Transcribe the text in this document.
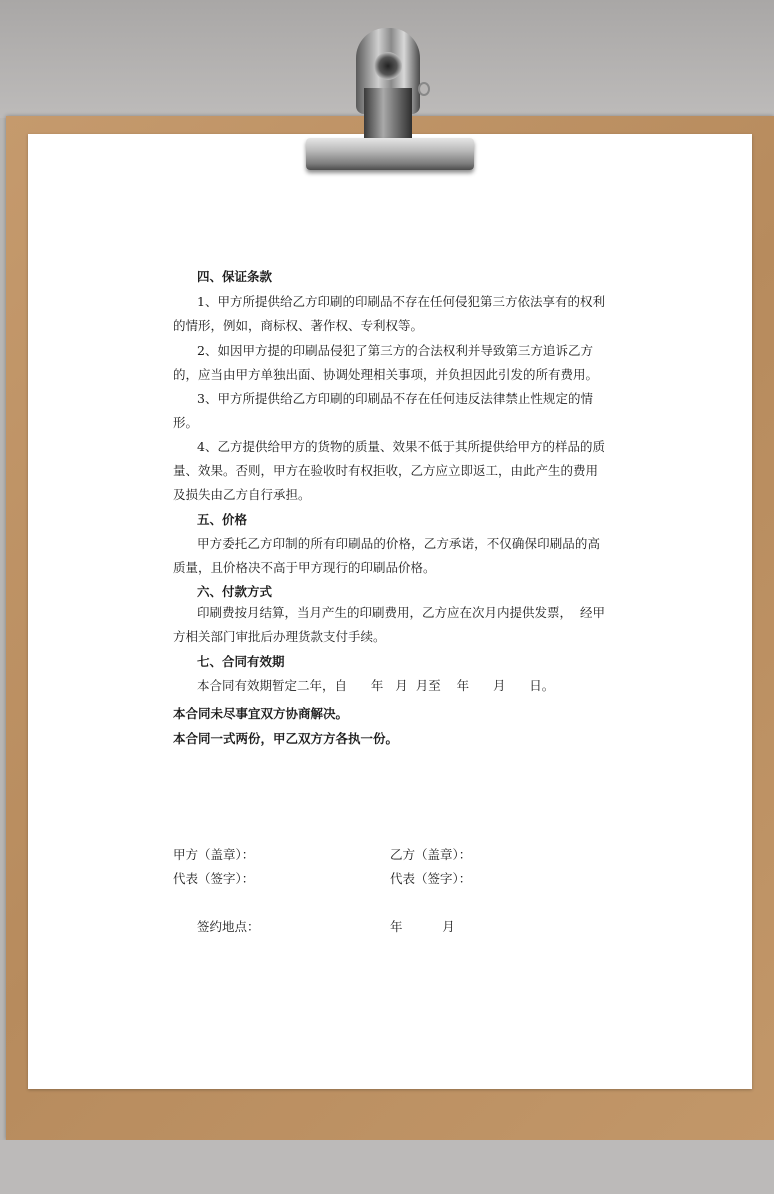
四、保证条款
1、甲方所提供给乙方印刷的印刷品不存在任何侵犯第三方依法享有的权利
的情形，例如，商标权、著作权、专利权等。
2、如因甲方提的印刷品侵犯了第三方的合法权利并导致第三方追诉乙方
的，应当由甲方单独出面、协调处理相关事项，并负担因此引发的所有费用。
3、甲方所提供给乙方印刷的印刷品不存在任何违反法律禁止性规定的情
形。
4、乙方提供给甲方的货物的质量、效果不低于其所提供给甲方的样品的质
量、效果。否则，甲方在验收时有权拒收，乙方应立即返工，由此产生的费用
及损失由乙方自行承担。
五、价格
甲方委托乙方印制的所有印刷品的价格，乙方承诺，不仅确保印刷品的高
质量，且价格决不高于甲方现行的印刷品价格。
六、付款方式
印刷费按月结算，当月产生的印刷费用，乙方应在次月内提供发票，  经甲
方相关部门审批后办理货款支付手续。
七、合同有效期
本合同有效期暂定二年，自      年   月  月至    年      月      日。
本合同未尽事宜双方协商解决。
本合同一式两份，甲乙双方方各执一份。
甲方（盖章）：	乙方（盖章）：
代表（签字）：	代表（签字）：
签约地点：	年          月
